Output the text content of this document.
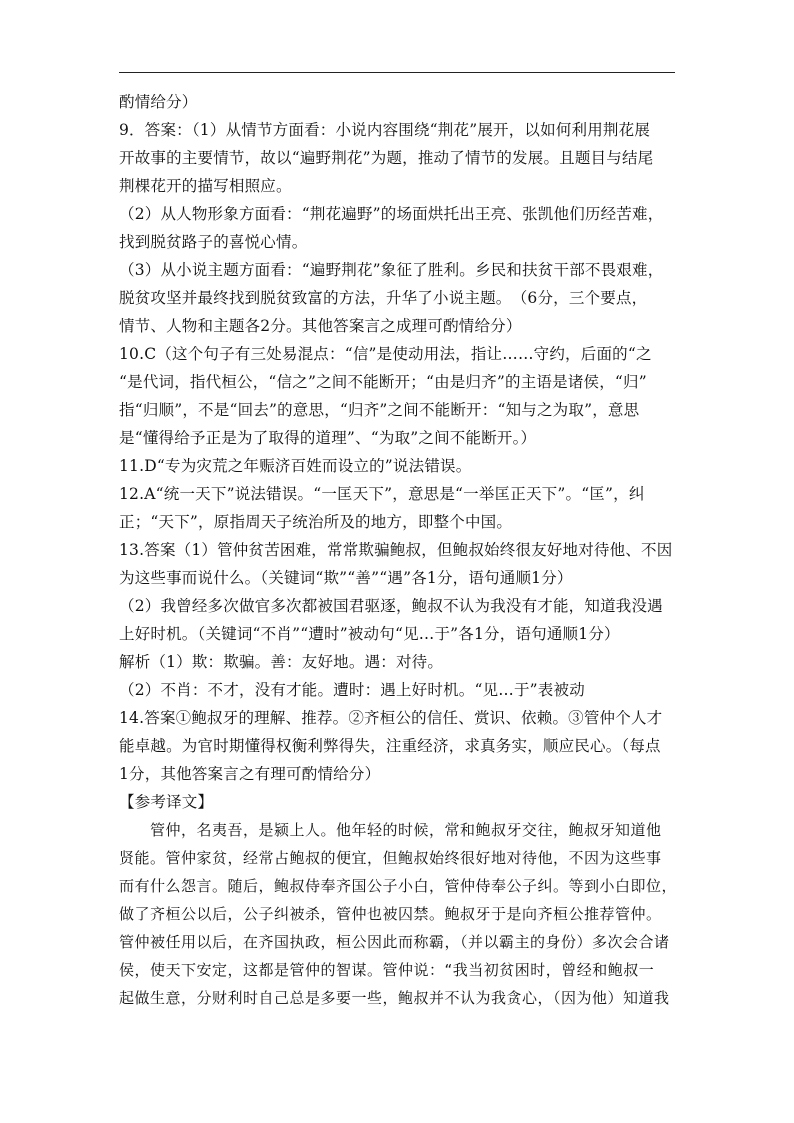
酌情给分）

9．答案：（1）从情节方面看：小说内容围绕“荆花”展开，以如何利用荆花展

开故事的主要情节，故以“遍野荆花”为题，推动了情节的发展。且题目与结尾

荆棵花开的描写相照应。

（2）从人物形象方面看：“荆花遍野”的场面烘托出王亮、张凯他们历经苦难，

找到脱贫路子的喜悦心情。

（3）从小说主题方面看：“遍野荆花”象征了胜利。乡民和扶贫干部不畏艰难，

脱贫攻坚并最终找到脱贫致富的方法，升华了小说主题。　（6分，三个要点，

情节、人物和主题各2分。其他答案言之成理可酌情给分）

10.C（这个句子有三处易混点：“信”是使动用法，指让……守约，后面的“之

“是代词，指代桓公，“信之”之间不能断开；“由是归齐”的主语是诸侯，“归”

指“归顺”，不是“回去”的意思，“归齐”之间不能断开：“知与之为取”，意思

是“懂得给予正是为了取得的道理”、“为取”之间不能断开。）

11.D“专为灾荒之年赈济百姓而设立的”说法错误。

12.A“统一天下”说法错误。“一匡天下”，意思是“一举匡正天下”。“匡”，纠

正；“天下”，原指周天子统治所及的地方，即整个中国。

13.答案（1）管仲贫苦困难，常常欺骗鲍叔，但鲍叔始终很友好地对待他、不因

为这些事而说什么。（关键词“欺”“善”“遇”各1分，语句通顺1分）

（2）我曾经多次做官多次都被国君驱逐，鲍叔不认为我没有才能，知道我没遇

上好时机。（关键词“不肖”“遭时”被动句“见…于”各1分，语句通顺1分）

解析（1）欺：欺骗。善：友好地。遇：对待。

（2）不肖：不才，没有才能。遭时：遇上好时机。“见…于”表被动

14.答案①鲍叔牙的理解、推荐。②齐桓公的信任、赏识、依赖。③管仲个人才

能卓越。为官时期懂得权衡利弊得失，注重经济，求真务实，顺应民心。（每点

1分，其他答案言之有理可酌情给分）

【参考译文】

　　管仲，名夷吾，是颍上人。他年轻的时候，常和鲍叔牙交往，鲍叔牙知道他

贤能。管仲家贫，经常占鲍叔的便宜，但鲍叔始终很好地对待他，不因为这些事

而有什么怨言。随后，鲍叔侍奉齐国公子小白，管仲侍奉公子纠。等到小白即位，

做了齐桓公以后，公子纠被杀，管仲也被囚禁。鲍叔牙于是向齐桓公推荐管仲。

管仲被任用以后，在齐国执政，桓公因此而称霸，（并以霸主的身份）多次会合诸

侯，使天下安定，这都是管仲的智谋。管仲说：“我当初贫困时，曾经和鲍叔一

起做生意，分财利时自己总是多要一些，鲍叔并不认为我贪心，（因为他）知道我
